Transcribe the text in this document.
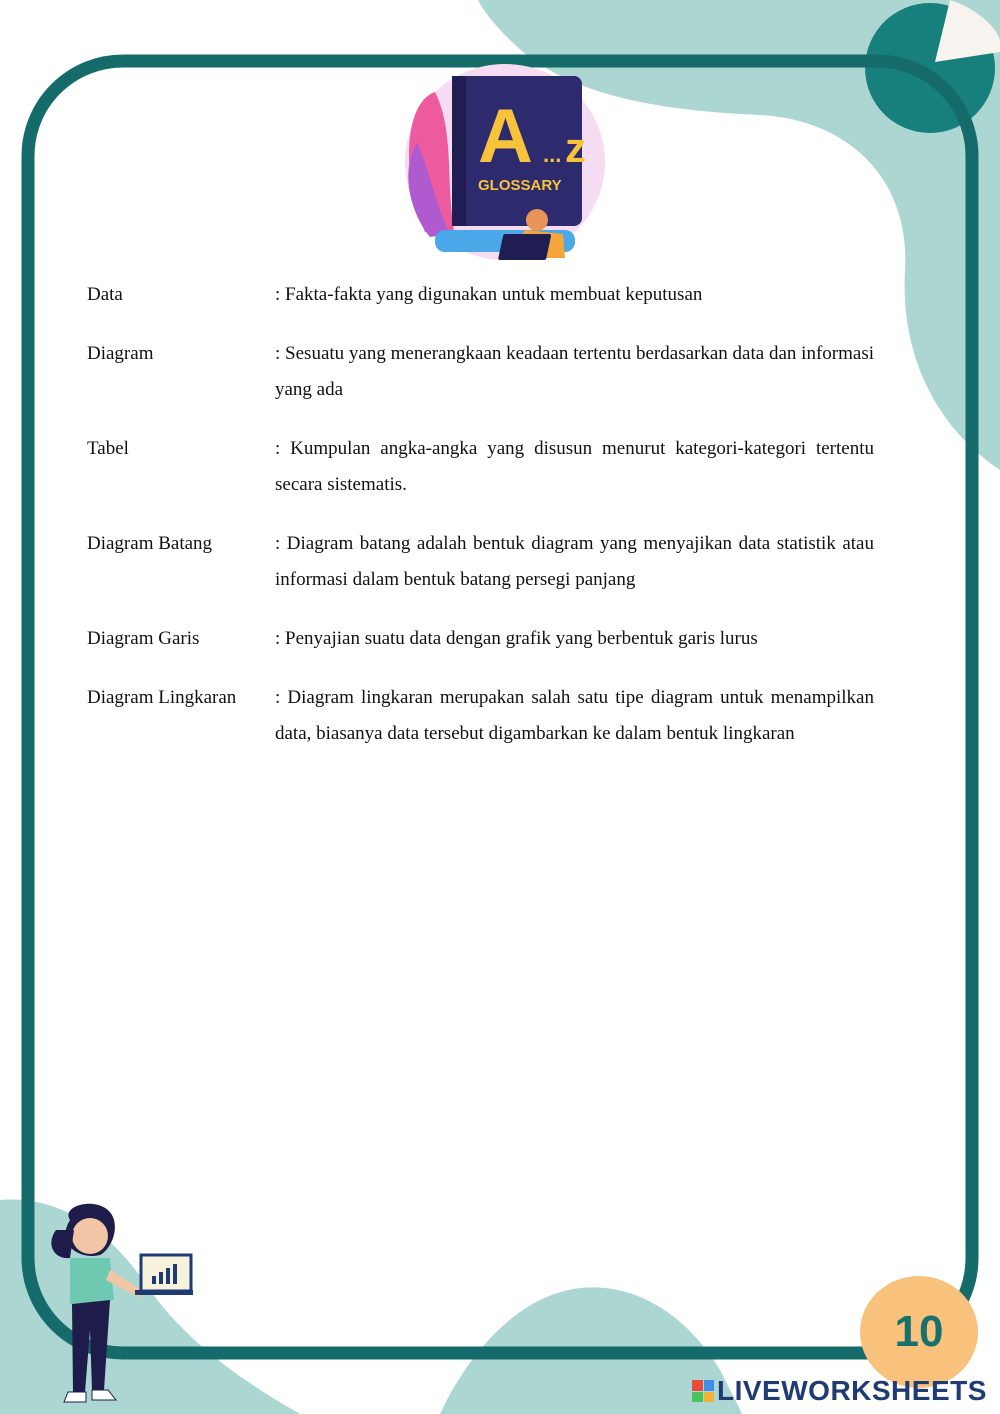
A ... z
GLOSSARY
Data	: Fakta-fakta yang digunakan untuk membuat keputusan
Diagram	: Sesuatu yang menerangkaan keadaan tertentu berdasarkan data dan informasi yang ada
Tabel	: Kumpulan angka-angka yang disusun menurut kategori-kategori tertentu secara sistematis.
Diagram Batang	: Diagram batang adalah bentuk diagram yang menyajikan data statistik atau informasi dalam bentuk batang persegi panjang
Diagram Garis	: Penyajian suatu data dengan grafik yang berbentuk garis lurus
Diagram Lingkaran	: Diagram lingkaran merupakan salah satu tipe diagram untuk menampilkan data, biasanya data tersebut digambarkan ke dalam bentuk lingkaran
10
LIVEWORKSHEETS
